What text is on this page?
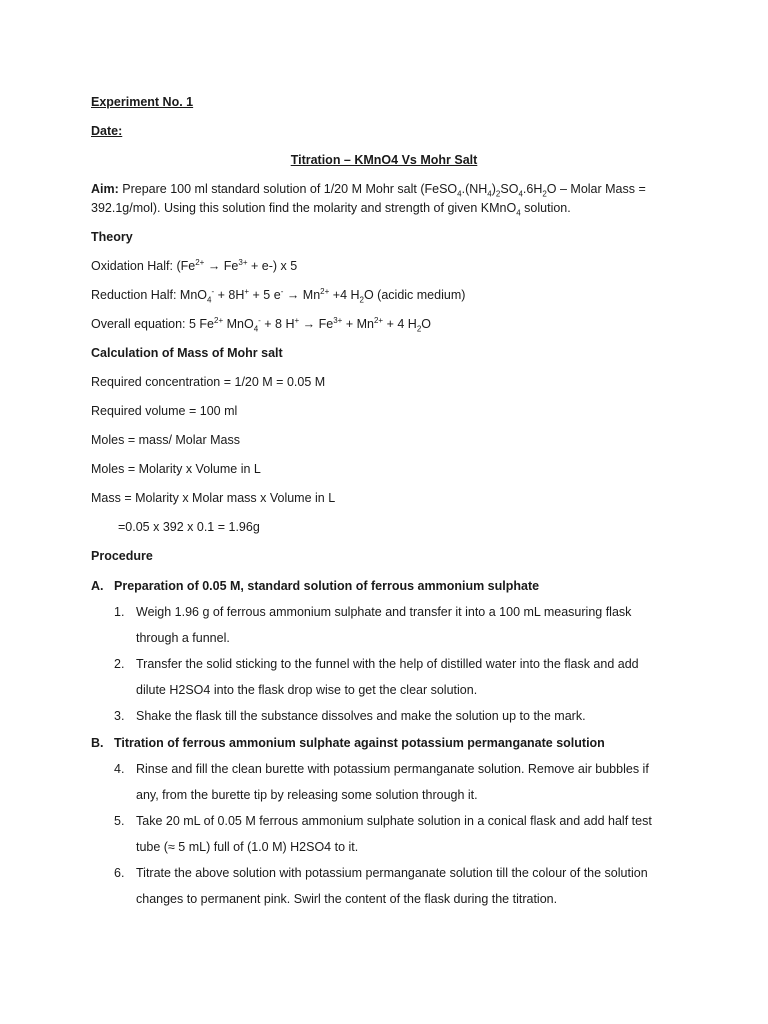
Experiment No. 1
Date:
Titration – KMnO4 Vs Mohr Salt
Aim: Prepare 100 ml standard solution of 1/20 M Mohr salt ($FeSO_4.(NH_4)_2SO_4.6H_2O$ – Molar Mass =
392.1g/mol). Using this solution find the molarity and strength of given KMnO$_4$ solution.
Theory
Oxidation Half: $(Fe^{2+} \to Fe^{3+} + e-)$ x 5
Reduction Half: MnO$_4$- + 8H+ + 5 $e^- \to Mn^{2+} +4$ $H_2O$ (acidic medium)
Overall equation: 5 $Fe^{2+}$ MnO$_4$- + 8 $H^+ \to Fe^{3+} + Mn^{2+} + 4$ $H_2O$
Calculation of Mass of Mohr salt
Required concentration = 1/20 M = 0.05 M
Required volume = 100 ml
Moles = mass/ Molar Mass
Moles = Molarity x Volume in L
Mass = Molarity x Molar mass x Volume in L
=0.05 x 392 x 0.1 = 1.96g
Procedure
A. Preparation of 0.05 M, standard solution of ferrous ammonium sulphate
1. Weigh 1.96 g of ferrous ammonium sulphate and transfer it into a 100 mL measuring flask
through a funnel.
2. Transfer the solid sticking to the funnel with the help of distilled water into the flask and add
dilute H2SO4 into the flask drop wise to get the clear solution.
3. Shake the flask till the substance dissolves and make the solution up to the mark.
B. Titration of ferrous ammonium sulphate against potassium permanganate solution
4. Rinse and fill the clean burette with potassium permanganate solution. Remove air bubbles if
any, from the burette tip by releasing some solution through it.
5. Take 20 mL of 0.05 M ferrous ammonium sulphate solution in a conical flask and add half test
tube (≈ 5 mL) full of (1.0 M) H2SO4 to it.
6. Titrate the above solution with potassium permanganate solution till the colour of the solution
changes to permanent pink. Swirl the content of the flask during the titration.
